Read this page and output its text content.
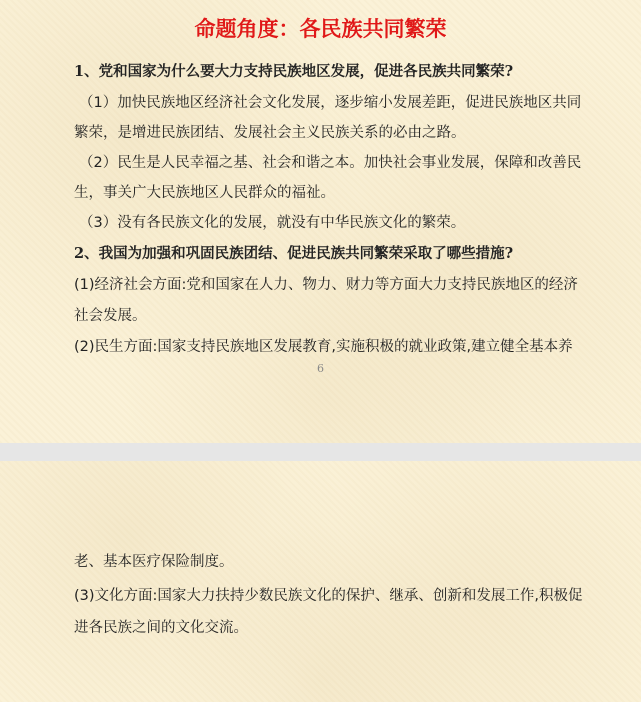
命题角度：各民族共同繁荣
1、党和国家为什么要大力支持民族地区发展，促进各民族共同繁荣?
（1）加快民族地区经济社会文化发展，逐步缩小发展差距，促进民族地区共同
繁荣，是增进民族团结、发展社会主义民族关系的必由之路。
（2）民生是人民幸福之基、社会和谐之本。加快社会事业发展，保障和改善民
生，事关广大民族地区人民群众的福祉。
（3）没有各民族文化的发展，就没有中华民族文化的繁荣。
2、我国为加强和巩固民族团结、促进民族共同繁荣采取了哪些措施?
(1)经济社会方面:党和国家在人力、物力、财力等方面大力支持民族地区的经济
社会发展。
(2)民生方面:国家支持民族地区发展教育,实施积极的就业政策,建立健全基本养
6
老、基本医疗保险制度。
(3)文化方面:国家大力扶持少数民族文化的保护、继承、创新和发展工作,积极促
进各民族之间的文化交流。
